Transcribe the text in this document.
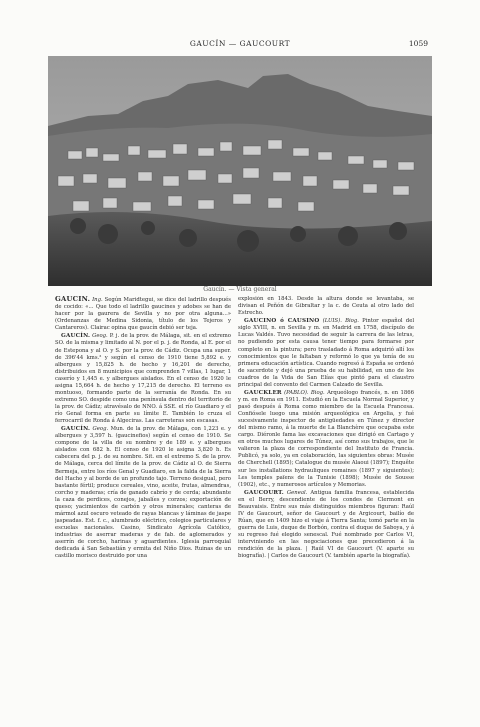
GAUCÍN — GAUCOURT	1059
Gaucín. — Vista general

GAUCÍN. Ing. Según Maridtegui, se dice del ladrillo después de cocido: «... Que todo el ladrillo gaucines y adobes se han de hacer por la gaurera de Sevilla y no por otra alguna...» (Ordenanzas de Medina Sidonia, título de los Tejeros y Cantareros). Clairac opina que gaucín debió ser teja.

GAUCÍN. Geog. P. j. de la prov. de Málaga, sit. en el extremo SO. de la misma y limitado al N. por el p. j. de Ronda, al E. por el de Estepona y al O. y S. por la prov. de Cádiz. Ocupa una super. de 396'44 kms.² y según el censo de 1910 tiene 5,892 e. y albergues y 15,825 h. de hecho y 16,201 de derecho, distribuidos en 8 municipios que comprenden 7 villas, 1 lugar, 1 caserío y 1,445 e. y albergues aislados. En el censo de 1920 le asigna 15,664 h. de hecho y 17,215 de derecho. El terreno es montuoso, formando parte de la serranía de Ronda. En su extremo SO. despide como una península dentro del territorio de la prov. de Cádiz; atravésalo de NNO. á SSE. el río Guadiaro y el río Genal forma en parte su límite E. También lo cruza el ferrocarril de Ronda á Algeciras. Las carreteras son escasas.

GAUCÍN. Geog. Mun. de la prov. de Málaga, con 1,223 e. y albergues y 3,597 h. (gaucinefios) según el censo de 1910. Se compone de la villa de su nombre y de 189 e. y albergues aislados con 682 h. El censo de 1920 le asigna 3,820 h. Es cabecera del p. j. de su nombre. Sit. en el extremo S. de la prov. de Málaga, cerca del límite de la prov. de Cádiz al O. de Sierra Bermeja, entre los ríos Genal y Guadiaro, en la falda de la Sierra del Hacho y al borde de un profundo tajo. Terreno desigual, pero bastante fértil; produce cereales, vino, aceite, frutas, almendras, corcho y maderas; cría de ganado cabrío y de cerda; abundante la caza de perdices, conejos, jabalíes y corzos; exportación de queso; yacimientos de carbón y otros minerales; canteras de mármol azul oscuro veteado de rayas blancas y láminas de jaspe jaspeadas. Est. f. c., alumbrado eléctrico, colegios particulares y escuelas nacionales. Casino, Sindicato Agrícola Católico, industrias de aserrar maderas y de fab. de aglomerados y aserrín de corcho, harinas y aguardientes. Iglesia parroquial dedicada á San Sebastián y ermita del Niño Dios. Ruinas de un castillo morisco destruido por una

explosión en 1843. Desde la altura donde se levantaba, se divisan el Peñón de Gibraltar y la c. de Ceuta al otro lado del Estrecho.

GAUCINO ó CAUSINO (LUIS). Biog. Pintor español del siglo XVIII, n. en Sevilla y m. en Madrid en 1758, discípulo de Lucas Valdés. Tuvo necesidad de seguir la carrera de las letras, no pudiendo por esta causa tener tiempo para formarse por completo en la pintura; pero trasladado á Roma adquirió allí los conocimientos que le faltaban y reformó lo que ya tenía de su primera educación artística. Cuando regresó á España se ordenó de sacerdote y dejó una prueba de su habilidad, en uno de los cuadros de la Vida de San Elías que pintó para el claustro principal del convento del Carmen Calzado de Sevilla.

GAUCKLER (PABLO). Biog. Arqueólogo francés, n. en 1866 y m. en Roma en 1911. Estudió en la Escuela Normal Superior, y pasó después á Roma como miembro de la Escuela Francesa. Confiósele luego una misión arqueológica en Argelia, y fué sucesivamente inspector de antigüedades en Túnez y director del mismo ramo, á la muerte de La Blanchère que ocupaba este cargo. Diéronle fama las excavaciones que dirigió en Cartago y en otros muchos lugares de Túnez, así como sus trabajos, que le valieron la plaza de correspondiente del Instituto de Francia. Publicó, ya solo, ya en colaboración, las siguientes obras: Musée de Cherchell (1895); Catalogue du musée Alaoui (1897); Enquête sur les installations hydrauliques romaines (1897 y siguientes); Les temples païens de la Tunisie (1898); Musée de Sousse (1902), etc., y numerosos artículos y Memorias.

GAUCOURT. Geneal. Antigua familia francesa, establecida en el Berry, descendiente de los condes de Clermont en Beauvaisis. Entre sus más distinguidos miembros figuran: Raúl IV de Gaucourt, señor de Gaucourt y de Argicourt, bailío de Rúan, que en 1409 hizo el viaje á Tierra Santa; tomó parte en la guerra de Luis, duque de Borbón, contra el duque de Saboya, y á su regreso fué elegido senescal. Fué nombrado por Carlos VI, interviniendo en las negociaciones que precedieron á la rendición de la plaza. | Raúl VI de Gaucourt (V. aparte su biografía). | Carlos de Gaucourt (V. también aparte la biografía).
